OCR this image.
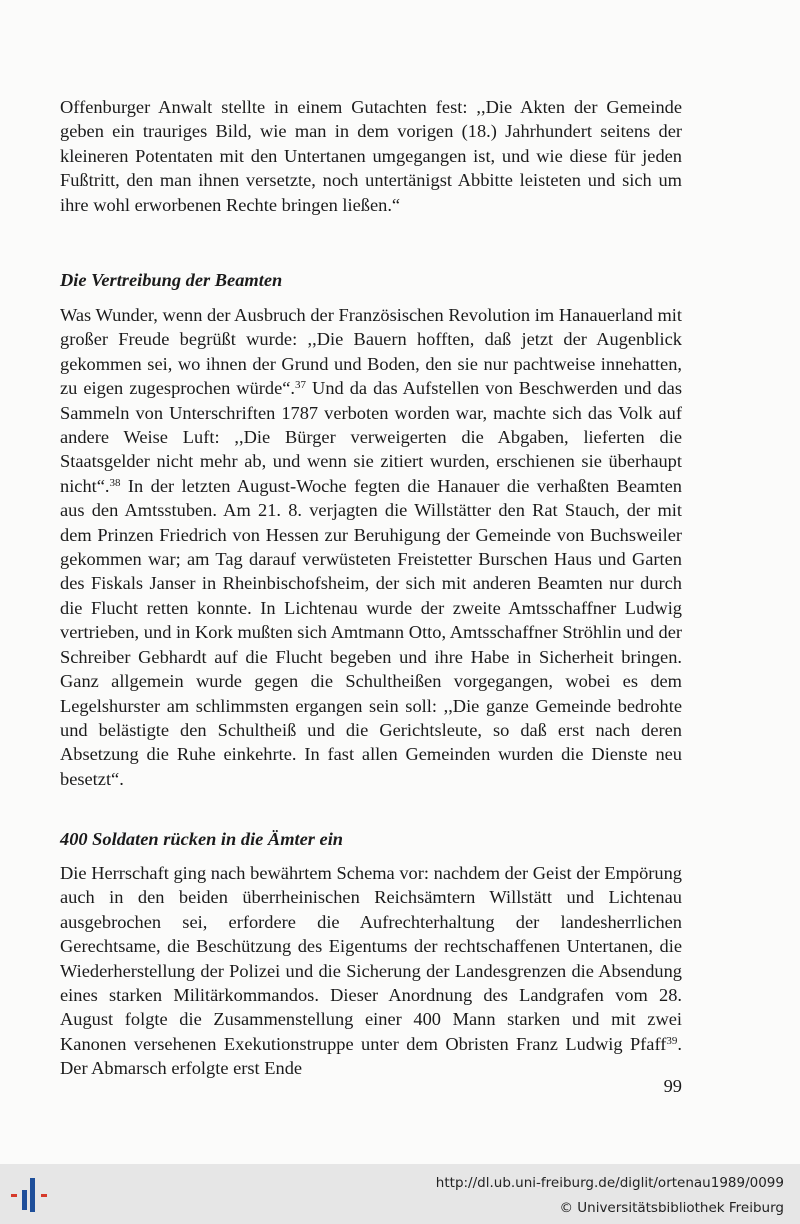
Offenburger Anwalt stellte in einem Gutachten fest: ,,Die Akten der Gemeinde geben ein trauriges Bild, wie man in dem vorigen (18.) Jahrhundert seitens der kleineren Potentaten mit den Untertanen umgegangen ist, und wie diese für jeden Fußtritt, den man ihnen versetzte, noch untertänigst Abbitte leisteten und sich um ihre wohl erworbenen Rechte bringen ließen.“

Die Vertreibung der Beamten

Was Wunder, wenn der Ausbruch der Französischen Revolution im Hanauerland mit großer Freude begrüßt wurde: ,,Die Bauern hofften, daß jetzt der Augenblick gekommen sei, wo ihnen der Grund und Boden, den sie nur pachtweise innehatten, zu eigen zugesprochen würde“.$^{37}$ Und da das Aufstellen von Beschwerden und das Sammeln von Unterschriften 1787 verboten worden war, machte sich das Volk auf andere Weise Luft: ,,Die Bürger verweigerten die Abgaben, lieferten die Staatsgelder nicht mehr ab, und wenn sie zitiert wurden, erschienen sie überhaupt nicht“.$^{38}$ In der letzten August-Woche fegten die Hanauer die verhaßten Beamten aus den Amtsstuben. Am 21. 8. verjagten die Willstätter den Rat Stauch, der mit dem Prinzen Friedrich von Hessen zur Beruhigung der Gemeinde von Buchsweiler gekommen war; am Tag darauf verwüsteten Freistetter Burschen Haus und Garten des Fiskals Janser in Rheinbischofsheim, der sich mit anderen Beamten nur durch die Flucht retten konnte. In Lichtenau wurde der zweite Amtsschaffner Ludwig vertrieben, und in Kork mußten sich Amtmann Otto, Amtsschaffner Ströhlin und der Schreiber Gebhardt auf die Flucht begeben und ihre Habe in Sicherheit bringen. Ganz allgemein wurde gegen die Schultheißen vorgegangen, wobei es dem Legelshurster am schlimmsten ergangen sein soll: ,,Die ganze Gemeinde bedrohte und belästigte den Schultheiß und die Gerichtsleute, so daß erst nach deren Absetzung die Ruhe einkehrte. In fast allen Gemeinden wurden die Dienste neu besetzt“.

400 Soldaten rücken in die Ämter ein

Die Herrschaft ging nach bewährtem Schema vor: nachdem der Geist der Empörung auch in den beiden überrheinischen Reichsämtern Willstätt und Lichtenau ausgebrochen sei, erfordere die Aufrechterhaltung der landesherrlichen Gerechtsame, die Beschützung des Eigentums der rechtschaffenen Untertanen, die Wiederherstellung der Polizei und die Sicherung der Landesgrenzen die Absendung eines starken Militärkommandos. Dieser Anordnung des Landgrafen vom 28. August folgte die Zusammenstellung einer 400 Mann starken und mit zwei Kanonen versehenen Exekutionstruppe unter dem Obristen Franz Ludwig Pfaff$^{39}$. Der Abmarsch erfolgte erst Ende

99
http://dl.ub.uni-freiburg.de/diglit/ortenau1989/0099
© Universitätsbibliothek Freiburg
